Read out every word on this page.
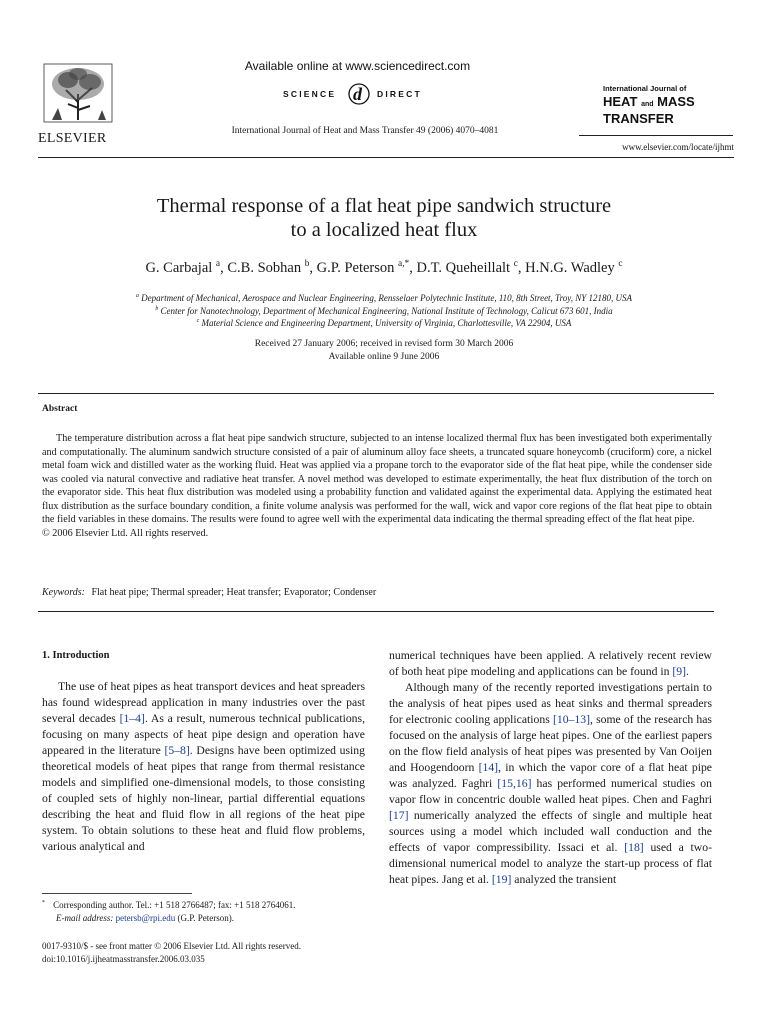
ELSEVIER
Available online at www.sciencedirect.com
SCIENCE d DIRECT
International Journal of Heat and Mass Transfer 49 (2006) 4070–4081
International Journal of
HEAT and MASS
TRANSFER
www.elsevier.com/locate/ijhmt
Thermal response of a flat heat pipe sandwich structure
to a localized heat flux
G. Carbajal $^a$, C.B. Sobhan $^b$, G.P. Peterson $^{a,*}$, D.T. Queheillalt $^c$, H.N.G. Wadley $^c$
$^a$ Department of Mechanical, Aerospace and Nuclear Engineering, Rensselaer Polytechnic Institute, 110, 8th Street, Troy, NY 12180, USA
$^b$ Center for Nanotechnology, Department of Mechanical Engineering, National Institute of Technology, Calicut 673 601, India
$^c$ Material Science and Engineering Department, University of Virginia, Charlottesville, VA 22904, USA
Received 27 January 2006; received in revised form 30 March 2006
Available online 9 June 2006
Abstract
The temperature distribution across a flat heat pipe sandwich structure, subjected to an intense localized thermal flux has been investigated both experimentally and computationally. The aluminum sandwich structure consisted of a pair of aluminum alloy face sheets, a truncated square honeycomb (cruciform) core, a nickel metal foam wick and distilled water as the working fluid. Heat was applied via a propane torch to the evaporator side of the flat heat pipe, while the condenser side was cooled via natural convective and radiative heat transfer. A novel method was developed to estimate experimentally, the heat flux distribution of the torch on the evaporator side. This heat flux distribution was modeled using a probability function and validated against the experimental data. Applying the estimated heat flux distribution as the surface boundary condition, a finite volume analysis was performed for the wall, wick and vapor core regions of the flat heat pipe to obtain the field variables in these domains. The results were found to agree well with the experimental data indicating the thermal spreading effect of the flat heat pipe.
© 2006 Elsevier Ltd. All rights reserved.
Keywords: Flat heat pipe; Thermal spreader; Heat transfer; Evaporator; Condenser
1. Introduction

The use of heat pipes as heat transport devices and heat spreaders has found widespread application in many industries over the past several decades [1–4]. As a result, numerous technical publications, focusing on many aspects of heat pipe design and operation have appeared in the literature [5–8]. Designs have been optimized using theoretical models of heat pipes that range from thermal resistance models and simplified one-dimensional models, to those consisting of coupled sets of highly non-linear, partial differential equations describing the heat and fluid flow in all regions of the heat pipe system. To obtain solutions to these heat and fluid flow problems, various analytical and

numerical techniques have been applied. A relatively recent review of both heat pipe modeling and applications can be found in [9].

Although many of the recently reported investigations pertain to the analysis of heat pipes used as heat sinks and thermal spreaders for electronic cooling applications [10–13], some of the research has focused on the analysis of large heat pipes. One of the earliest papers on the flow field analysis of heat pipes was presented by Van Ooijen and Hoogendoorn [14], in which the vapor core of a flat heat pipe was analyzed. Faghri [15,16] has performed numerical studies on vapor flow in concentric double walled heat pipes. Chen and Faghri [17] numerically analyzed the effects of single and multiple heat sources using a model which included wall conduction and the effects of vapor compressibility. Issaci et al. [18] used a two-dimensional numerical model to analyze the start-up process of flat heat pipes. Jang et al. [19] analyzed the transient

* Corresponding author. Tel.: +1 518 2766487; fax: +1 518 2764061.
E-mail address: petersb@rpi.edu (G.P. Peterson).
0017-9310/$ - see front matter © 2006 Elsevier Ltd. All rights reserved.
doi:10.1016/j.ijheatmasstransfer.2006.03.035
